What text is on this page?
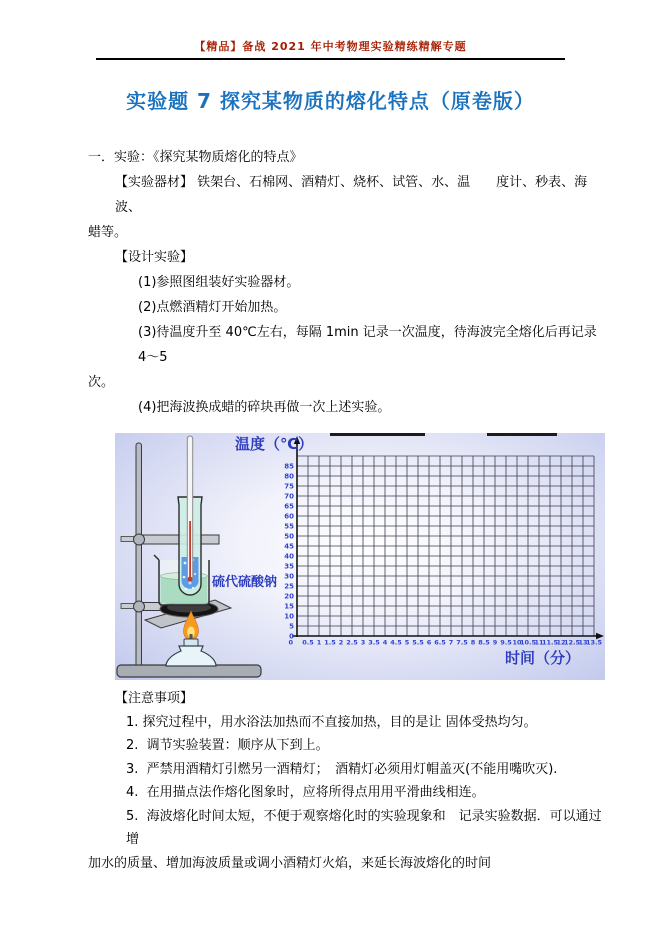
【精品】备战 2021 年中考物理实验精练精解专题
实验题 7 探究某物质的熔化特点（原卷版）
一．实验：《探究某物质熔化的特点》
【实验器材】 铁架台、石棉网、酒精灯、烧杯、试管、水、温　　度计、秒表、海波、
蜡等。
【设计实验】
(1)参照图组装好实验器材。
(2)点燃酒精灯开始加热。
(3)待温度升至 40℃左右，每隔 1min 记录一次温度，待海波完全熔化后再记录 4～5
次。
(4)把海波换成蜡的碎块再做一次上述实验。
85
80
75
70
65
60
55
50
45
40
35
30
25
20
15
10
5
0
0 0.5 1 1.5 2 2.5 3 3.5 4 4.5 5 5.5 6 6.5 7 7.5 8 8.5 9 9.5 10
10.5
11
11.5
12
12.5
13
13.5
温度（℃）
时间（分）
硫代硫酸钠
【注意事项】
1. 探究过程中，用水浴法加热而不直接加热，目的是让 固体受热均匀。
2.  调节实验装置：顺序从下到上。
3.  严禁用酒精灯引燃另一酒精灯；　酒精灯必须用灯帽盖灭(不能用嘴吹灭).
4.  在用描点法作熔化图象时，应将所得点用用平滑曲线相连。
5.  海波熔化时间太短，不便于观察熔化时的实验现象和　记录实验数据．可以通过增
加水的质量、增加海波质量或调小酒精灯火焰，来延长海波熔化的时间
